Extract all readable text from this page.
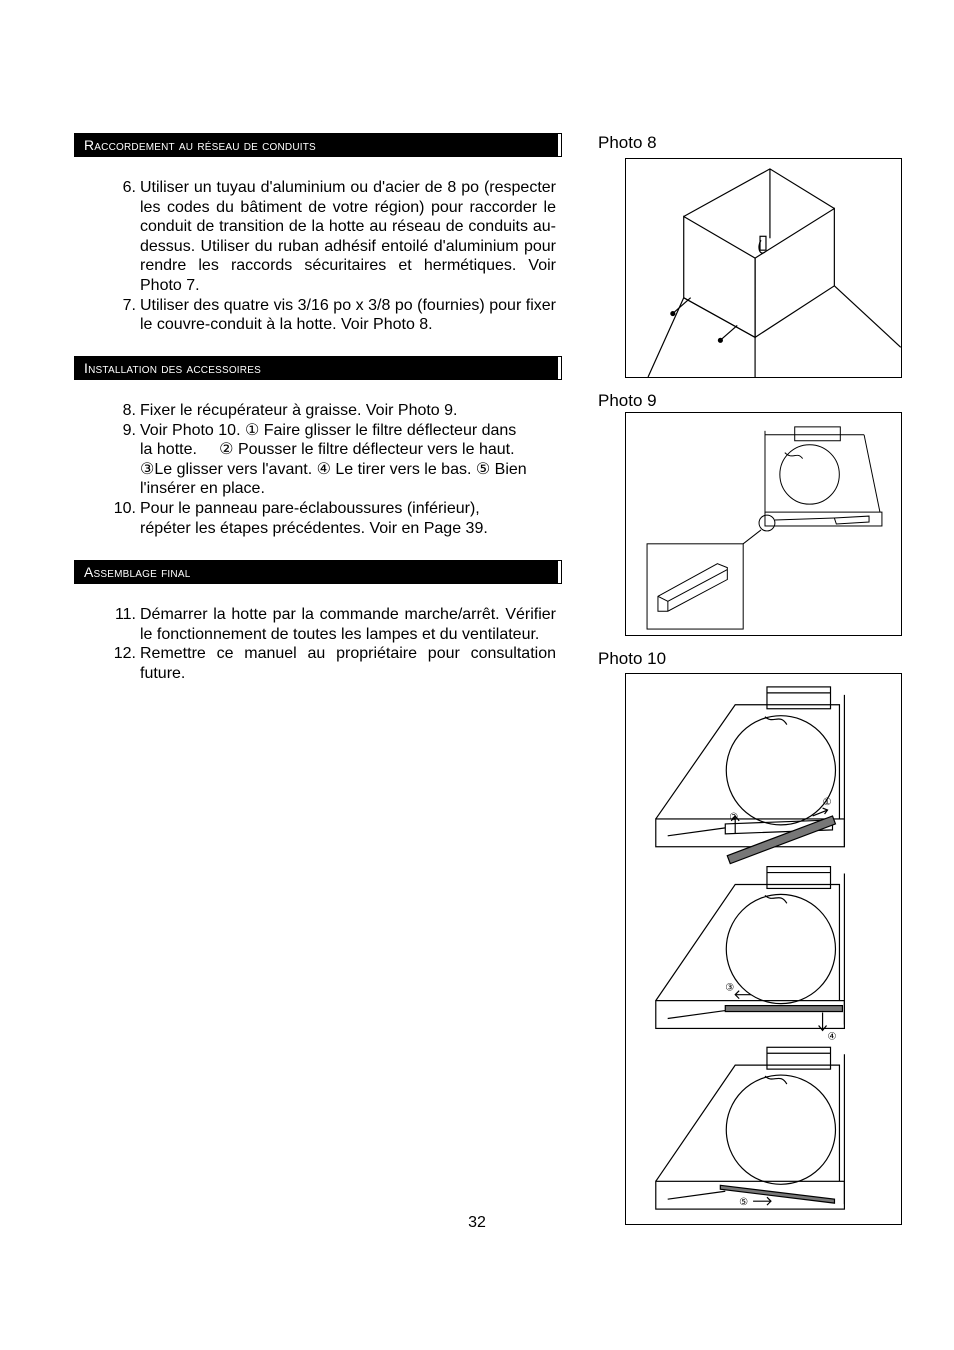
Raccordement au réseau de conduits
6. Utiliser un tuyau d'aluminium ou d'acier de 8 po (respecter les codes du bâtiment de votre région) pour raccorder le conduit de transition de la hotte au réseau de conduits au-dessus. Utiliser du ruban adhésif entoilé d'aluminium pour rendre les raccords sécuritaires et hermétiques. Voir Photo 7.
7. Utiliser des quatre vis 3/16 po x 3/8 po (fournies) pour fixer le couvre-conduit à la hotte. Voir Photo 8.
Installation des accessoires
8. Fixer le récupérateur à graisse. Voir Photo 9.
9. Voir Photo 10. ① Faire glisser le filtre déflecteur dans
la hotte.     ② Pousser le filtre déflecteur vers le haut.
③Le glisser vers l'avant. ④ Le tirer vers le bas. ⑤ Bien
l'insérer en place.
10. Pour le panneau pare-éclaboussures (inférieur),
répéter les étapes précédentes. Voir en Page 39.
Assemblage final
11. Démarrer la hotte par la commande marche/arrêt. Vérifier le fonctionnement de toutes les lampes et du ventilateur.
12. Remettre ce manuel au propriétaire pour consultation future.
Photo 8
Photo 9
Photo 10
②
①
③
④
⑤
32
